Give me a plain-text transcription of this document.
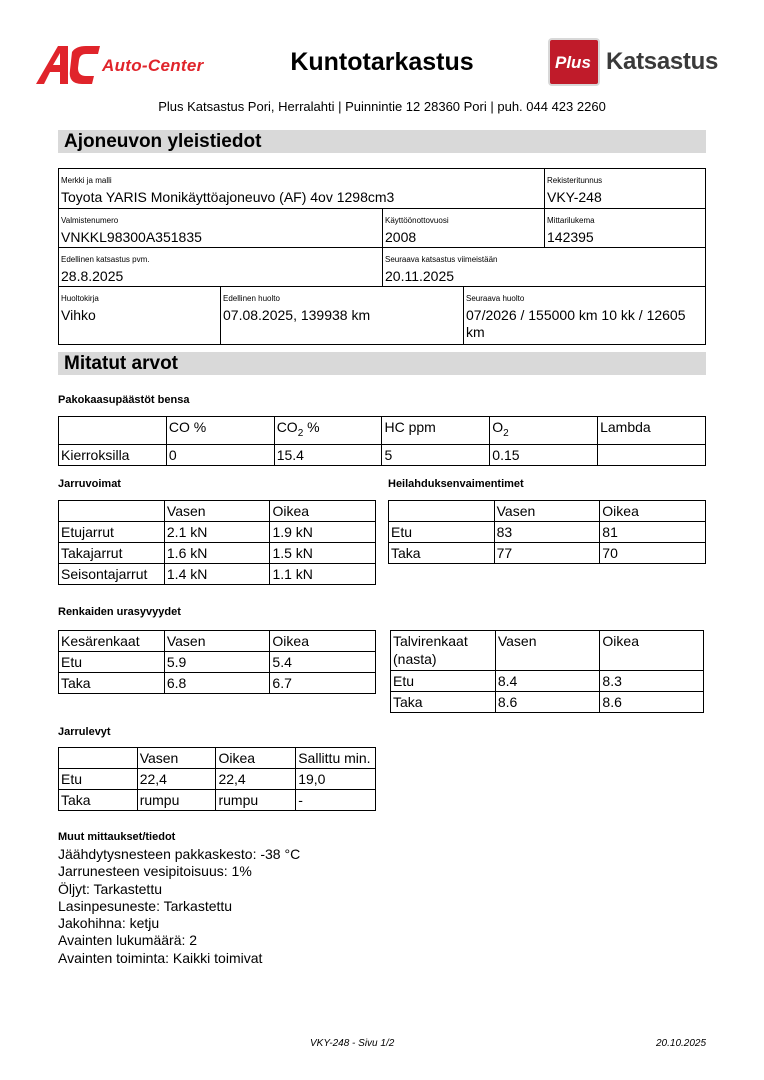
Auto-Center	Kuntotarkastus	Plus Katsastus
Plus Katsastus Pori, Herralahti | Puinnintie 12 28360 Pori | puh. 044 423 2260
Ajoneuvon yleistiedot
Merkki ja malli
Toyota YARIS Monikäyttöajoneuvo (AF) 4ov 1298cm3
Rekisteritunnus
VKY-248
Valmistenumero
VNKKL98300A351835
Käyttöönottovuosi
2008
Mittarilukema
142395
Edellinen katsastus pvm.
28.8.2025
Seuraava katsastus viimeistään
20.11.2025
Huoltokirja
Vihko
Edellinen huolto
07.08.2025, 139938 km
Seuraava huolto
07/2026 / 155000 km 10 kk / 12605 km
Mitatut arvot
Pakokaasupäästöt bensa
	CO %	$CO_2$ %	HC ppm	$O_2$	Lambda
Kierroksilla	0	15.4	5	0.15	
Jarruvoimat
	Vasen	Oikea
Etujarrut	2.1 kN	1.9 kN
Takajarrut	1.6 kN	1.5 kN
Seisontajarrut	1.4 kN	1.1 kN
Heilahduksenvaimentimet
	Vasen	Oikea
Etu	83	81
Taka	77	70
Renkaiden urasyvyydet
Kesärenkaat	Vasen	Oikea
Etu	5.9	5.4
Taka	6.8	6.7
Talvirenkaat (nasta)	Vasen	Oikea
Etu	8.4	8.3
Taka	8.6	8.6
Jarrulevyt
	Vasen	Oikea	Sallittu min.
Etu	22,4	22,4	19,0
Taka	rumpu	rumpu	-
Muut mittaukset/tiedot
Jäähdytysnesteen pakkaskesto: -38 °C
Jarrunesteen vesipitoisuus: 1%
Öljyt: Tarkastettu
Lasinpesuneste: Tarkastettu
Jakohihna: ketju
Avainten lukumäärä: 2
Avainten toiminta: Kaikki toimivat
VKY-248 - Sivu 1/2	20.10.2025
